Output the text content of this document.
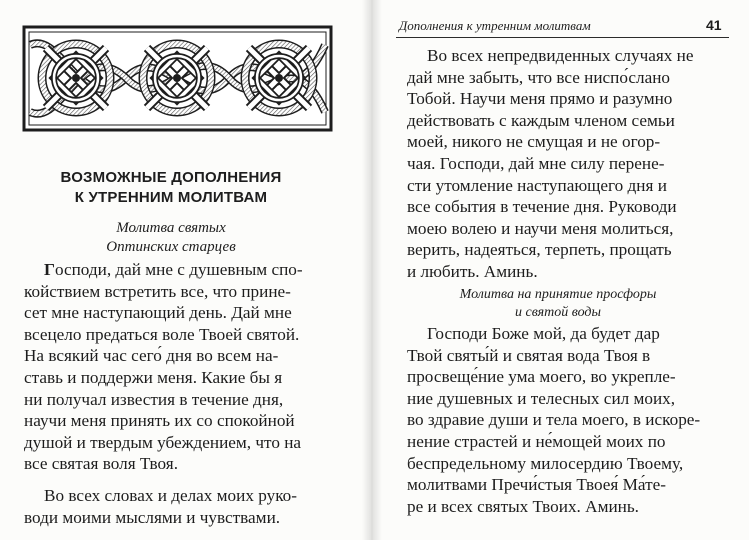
ВОЗМОЖНЫЕ ДОПОЛНЕНИЯ
К УТРЕННИМ МОЛИТВАМ
Молитва святых
Оптинских старцев
Господи, дай мне с душевным спо-
койствием встретить все, что прине-
сет мне наступающий день. Дай мне
всецело предаться воле Твоей святой.
На всякий час сего́ дня во всем на-
ставь и поддержи меня. Какие бы я
ни получал известия в течение дня,
научи меня принять их со спокойной
душой и твердым убеждением, что на
все святая воля Твоя.
Во всех словах и делах моих руко-
води моими мыслями и чувствами.
Дополнения к утренним молитвам	41
Во всех непредвиденных случаях не
дай мне забыть, что все ниспо́слано
Тобой. Научи меня прямо и разумно
действовать с каждым членом семьи
моей, никого не смущая и не огор-
чая. Господи, дай мне силу перене-
сти утомление наступающего дня и
все события в течение дня. Руководи
моею волею и научи меня молиться,
верить, надеяться, терпеть, прощать
и любить. Аминь.
Молитва на принятие просфоры
и святой воды
Господи Боже мой, да будет дар
Твой святы́й и святая вода Твоя в
просвеще́ние ума моего, во укрепле-
ние душевных и телесных сил моих,
во здравие души и тела моего, в искоре-
нение страстей и не́мощей моих по
беспредельному милосердию Твоему,
молитвами Пречи́стыя Твоея́ Ма́те-
ре и всех святых Твоих. Аминь.
